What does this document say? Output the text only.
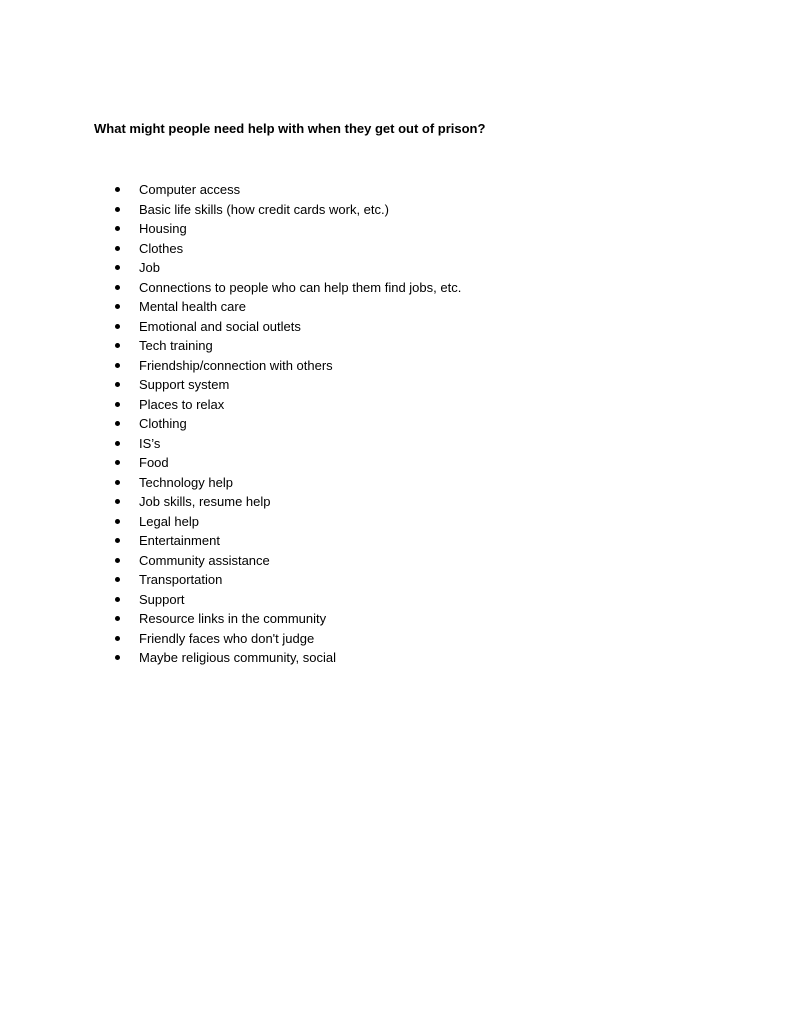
What might people need help with when they get out of prison?
Computer access
Basic life skills (how credit cards work, etc.)
Housing
Clothes
Job
Connections to people who can help them find jobs, etc.
Mental health care
Emotional and social outlets
Tech training
Friendship/connection with others
Support system
Places to relax
Clothing
IS’s
Food
Technology help
Job skills, resume help
Legal help
Entertainment
Community assistance
Transportation
Support
Resource links in the community
Friendly faces who don't judge
Maybe religious community, social
